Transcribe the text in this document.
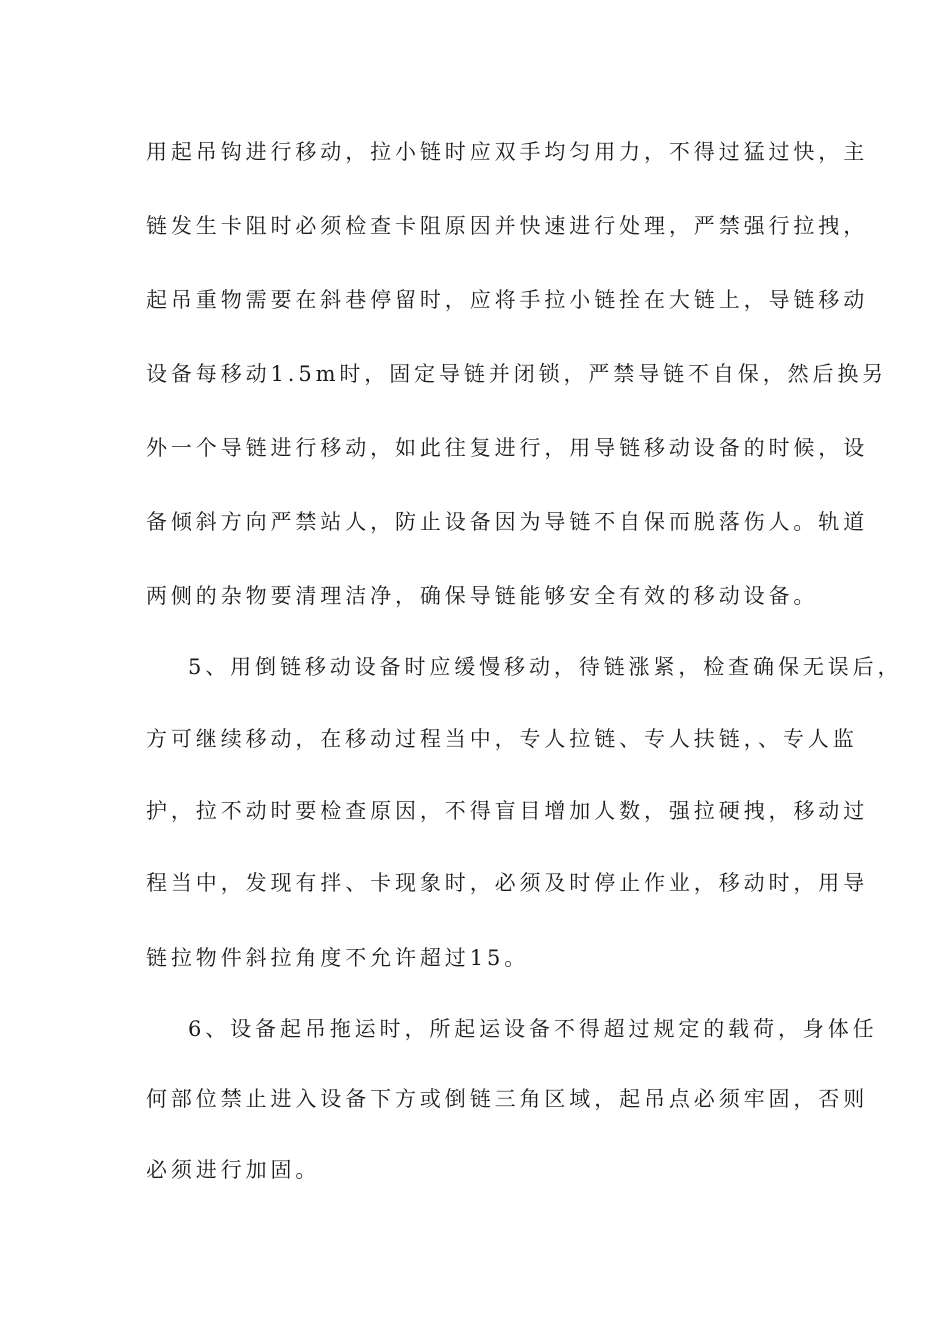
用起吊钩进行移动，拉小链时应双手均匀用力，不得过猛过快，主
链发生卡阻时必须检查卡阻原因并快速进行处理，严禁强行拉拽，
起吊重物需要在斜巷停留时，应将手拉小链拴在大链上，导链移动
设备每移动1.5m时，固定导链并闭锁，严禁导链不自保，然后换另
外一个导链进行移动，如此往复进行，用导链移动设备的时候，设
备倾斜方向严禁站人，防止设备因为导链不自保而脱落伤人。轨道
两侧的杂物要清理洁净，确保导链能够安全有效的移动设备。
5、用倒链移动设备时应缓慢移动，待链涨紧，检查确保无误后，
方可继续移动，在移动过程当中，专人拉链、专人扶链，、专人监
护，拉不动时要检查原因，不得盲目增加人数，强拉硬拽，移动过
程当中，发现有拌、卡现象时，必须及时停止作业，移动时，用导
链拉物件斜拉角度不允许超过15。
6、设备起吊拖运时，所起运设备不得超过规定的载荷，身体任
何部位禁止进入设备下方或倒链三角区域，起吊点必须牢固，否则
必须进行加固。
